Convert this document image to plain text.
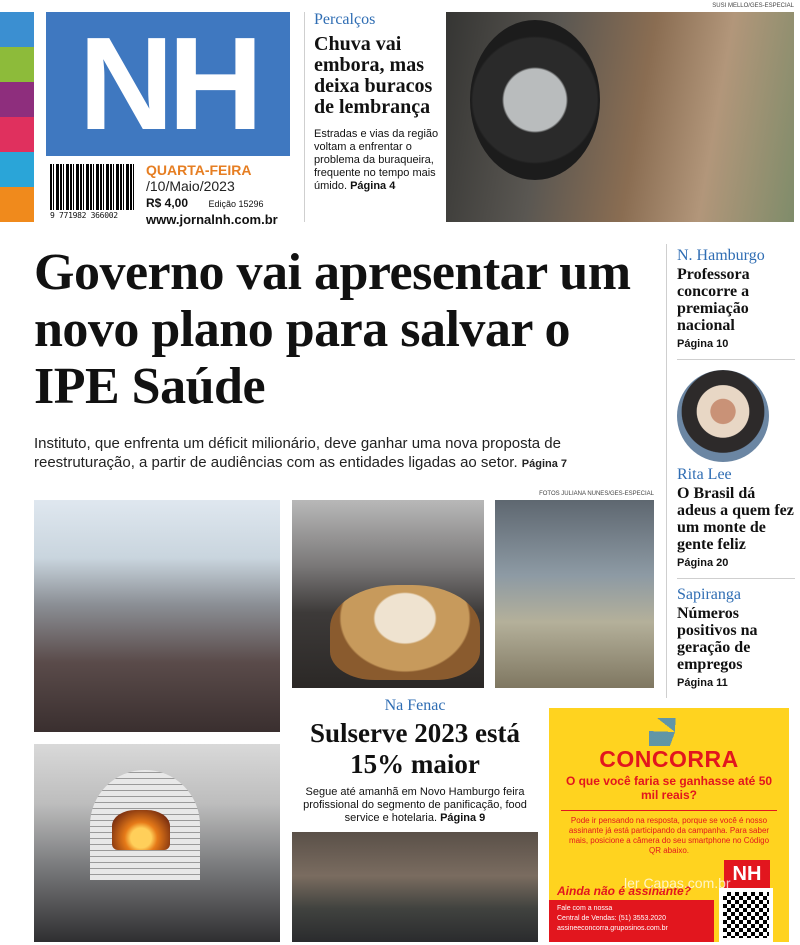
NH
9 771982 366002
QUARTA-FEIRA
/10/Maio/2023
R$ 4,00 Edição 15296
www.jornalnh.com.br
Percalços
Chuva vai embora, mas deixa buracos de lembrança
Estradas e vias da região voltam a enfrentar o problema da buraqueira, frequente no tempo mais úmido. Página 4
SUSI MELLO/GES-ESPECIAL
Governo vai apresentar um novo plano para salvar o IPE Saúde
Instituto, que enfrenta um déficit milionário, deve ganhar uma nova proposta de reestruturação, a partir de audiências com as entidades ligadas ao setor. Página 7
N. Hamburgo
Professora concorre a premiação nacional
Página 10
Rita Lee
O Brasil dá adeus a quem fez um monte de gente feliz
Página 20
Sapiranga
Números positivos na geração de empregos
Página 11
FOTOS JULIANA NUNES/GES-ESPECIAL
Na Fenac
Sulserve 2023 está 15% maior
Segue até amanhã em Novo Hamburgo feira profissional do segmento de panificação, food service e hotelaria. Página 9
CONCORRA
O que você faria se ganhasse até 50 mil reais?
Pode ir pensando na resposta, porque se você é nosso assinante já está participando da campanha. Para saber mais, posicione a câmera do seu smartphone no Código QR abaixo.
NH
Ainda não é assinante?
Fale com a nossa
Central de Vendas: (51) 3553.2020
assineeconcorra.gruposinos.com.br
ler Capas.com.br
